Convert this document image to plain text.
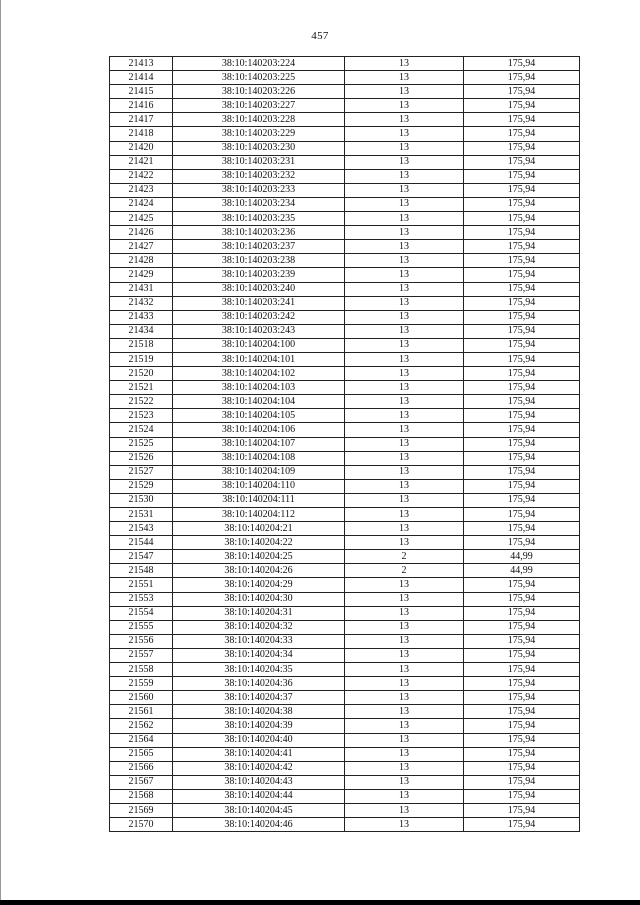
457
21413	38:10:140203:224	13	175,94
21414	38:10:140203:225	13	175,94
21415	38:10:140203:226	13	175,94
21416	38:10:140203:227	13	175,94
21417	38:10:140203:228	13	175,94
21418	38:10:140203:229	13	175,94
21420	38:10:140203:230	13	175,94
21421	38:10:140203:231	13	175,94
21422	38:10:140203:232	13	175,94
21423	38:10:140203:233	13	175,94
21424	38:10:140203:234	13	175,94
21425	38:10:140203:235	13	175,94
21426	38:10:140203:236	13	175,94
21427	38:10:140203:237	13	175,94
21428	38:10:140203:238	13	175,94
21429	38:10:140203:239	13	175,94
21431	38:10:140203:240	13	175,94
21432	38:10:140203:241	13	175,94
21433	38:10:140203:242	13	175,94
21434	38:10:140203:243	13	175,94
21518	38:10:140204:100	13	175,94
21519	38:10:140204:101	13	175,94
21520	38:10:140204:102	13	175,94
21521	38:10:140204:103	13	175,94
21522	38:10:140204:104	13	175,94
21523	38:10:140204:105	13	175,94
21524	38:10:140204:106	13	175,94
21525	38:10:140204:107	13	175,94
21526	38:10:140204:108	13	175,94
21527	38:10:140204:109	13	175,94
21529	38:10:140204:110	13	175,94
21530	38:10:140204:111	13	175,94
21531	38:10:140204:112	13	175,94
21543	38:10:140204:21	13	175,94
21544	38:10:140204:22	13	175,94
21547	38:10:140204:25	2	44,99
21548	38:10:140204:26	2	44,99
21551	38:10:140204:29	13	175,94
21553	38:10:140204:30	13	175,94
21554	38:10:140204:31	13	175,94
21555	38:10:140204:32	13	175,94
21556	38:10:140204:33	13	175,94
21557	38:10:140204:34	13	175,94
21558	38:10:140204:35	13	175,94
21559	38:10:140204:36	13	175,94
21560	38:10:140204:37	13	175,94
21561	38:10:140204:38	13	175,94
21562	38:10:140204:39	13	175,94
21564	38:10:140204:40	13	175,94
21565	38:10:140204:41	13	175,94
21566	38:10:140204:42	13	175,94
21567	38:10:140204:43	13	175,94
21568	38:10:140204:44	13	175,94
21569	38:10:140204:45	13	175,94
21570	38:10:140204:46	13	175,94
